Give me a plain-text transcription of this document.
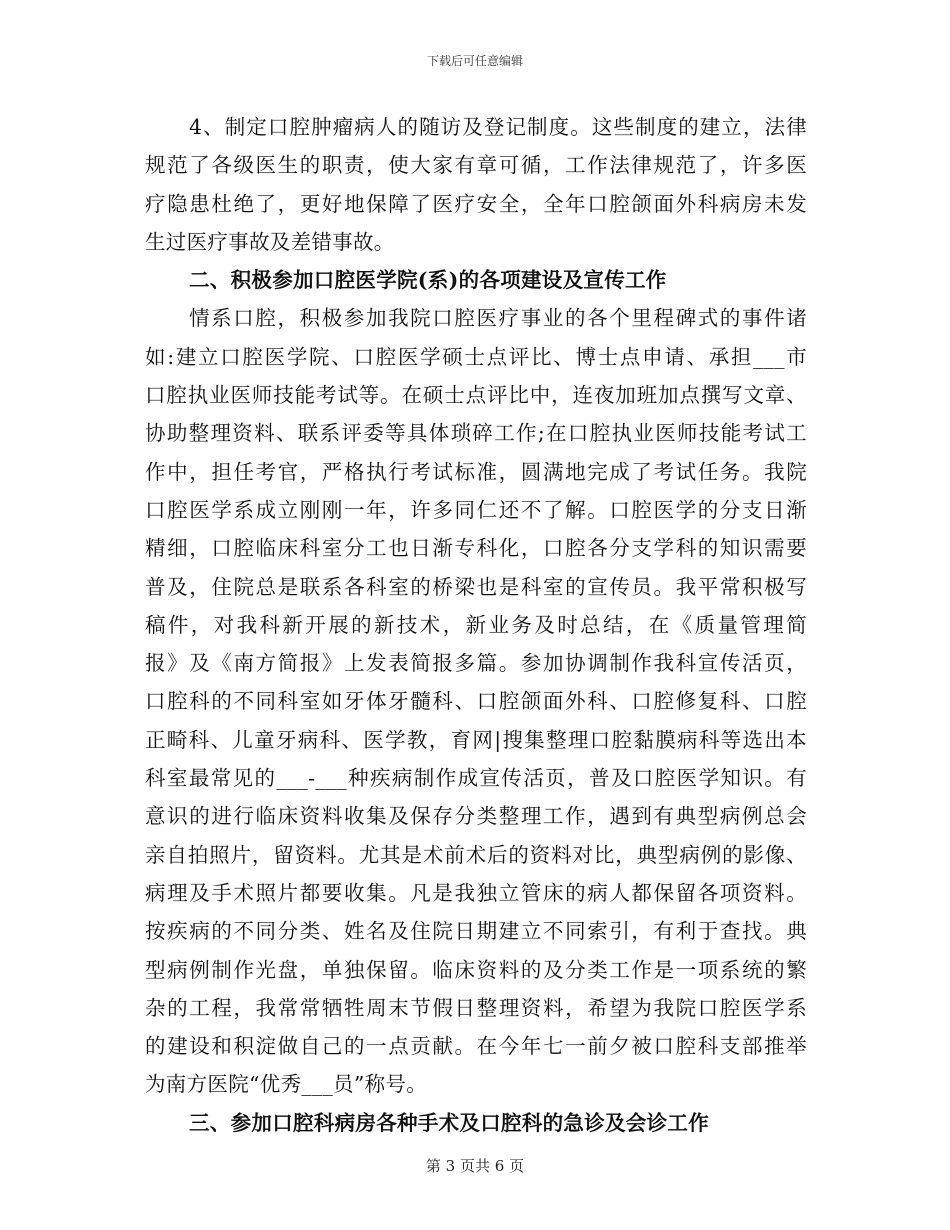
下载后可任意编辑
4、制定口腔肿瘤病人的随访及登记制度。这些制度的建立，法律
规范了各级医生的职责，使大家有章可循，工作法律规范了，许多医
疗隐患杜绝了，更好地保障了医疗安全，全年口腔颌面外科病房未发
生过医疗事故及差错事故。
二、积极参加口腔医学院(系)的各项建设及宣传工作
情系口腔，积极参加我院口腔医疗事业的各个里程碑式的事件诸
如:建立口腔医学院、口腔医学硕士点评比、博士点申请、承担___市
口腔执业医师技能考试等。在硕士点评比中，连夜加班加点撰写文章、
协助整理资料、联系评委等具体琐碎工作;在口腔执业医师技能考试工
作中，担任考官，严格执行考试标准，圆满地完成了考试任务。我院
口腔医学系成立刚刚一年，许多同仁还不了解。口腔医学的分支日渐
精细，口腔临床科室分工也日渐专科化，口腔各分支学科的知识需要
普及，住院总是联系各科室的桥梁也是科室的宣传员。我平常积极写
稿件，对我科新开展的新技术，新业务及时总结，在《质量管理简
报》及《南方简报》上发表简报多篇。参加协调制作我科宣传活页，
口腔科的不同科室如牙体牙髓科、口腔颌面外科、口腔修复科、口腔
正畸科、儿童牙病科、医学教，育网|搜集整理口腔黏膜病科等选出本
科室最常见的___-___种疾病制作成宣传活页，普及口腔医学知识。有
意识的进行临床资料收集及保存分类整理工作，遇到有典型病例总会
亲自拍照片，留资料。尤其是术前术后的资料对比，典型病例的影像、
病理及手术照片都要收集。凡是我独立管床的病人都保留各项资料。
按疾病的不同分类、姓名及住院日期建立不同索引，有利于查找。典
型病例制作光盘，单独保留。临床资料的及分类工作是一项系统的繁
杂的工程，我常常牺牲周末节假日整理资料，希望为我院口腔医学系
的建设和积淀做自己的一点贡献。在今年七一前夕被口腔科支部推举
为南方医院“优秀___员”称号。
三、参加口腔科病房各种手术及口腔科的急诊及会诊工作
第 3 页共 6 页
